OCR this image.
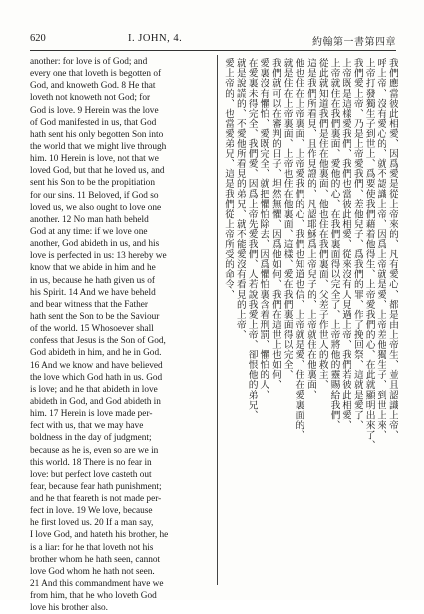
620	I. JOHN, 4.	約翰第一書第四章
another: for love is of God; and
every one that loveth is begotten of
God, and knoweth God. 8 He that
loveth not knoweth not God; for
God is love. 9 Herein was the love
of God manifested in us, that God
hath sent his only begotten Son into
the world that we might live through
him. 10 Herein is love, not that we
loved God, but that he loved us, and
sent his Son to be the propitiation
for our sins. 11 Beloved, if God so
loved us, we also ought to love one
another. 12 No man hath beheld
God at any time: if we love one
another, God abideth in us, and his
love is perfected in us: 13 hereby we
know that we abide in him and he
in us, because he hath given us of
his Spirit. 14 And we have beheld
and bear witness that the Father
hath sent the Son to be the Saviour
of the world. 15 Whosoever shall
confess that Jesus is the Son of God,
God abideth in him, and he in God.
16 And we know and have believed
the love which God hath in us. God
is love; and he that abideth in love
abideth in God, and God abideth in
him. 17 Herein is love made per-
fect with us, that we may have
boldness in the day of judgment;
because as he is, even so are we in
this world. 18 There is no fear in
love: but perfect love casteth out
fear, because fear hath punishment;
and he that feareth is not made per-
fect in love. 19 We love, because
he first loved us. 20 If a man say,
I love God, and hateth his brother, he
is a liar: for he that loveth not his
brother whom he hath seen, cannot
love God whom he hath not seen.
21 And this commandment have we
from him, that he who loveth God
love his brother also.
我們應當彼此相愛、因爲愛是從上帝來的、凡有愛心、都是由上帝生、並且認識上帝、
呼上帝、沒有愛心的、就不認識上帝、因爲上帝就是愛、上帝差他獨生子、到世上來、
上帝打發獨生子到世上、爲要使我們藉着他得生、上帝愛我們的心、在此就顯明出來了、
我們愛上帝、乃是上帝愛我們、差他兒子、爲我們的罪、作了挽回祭、這就是愛了、
上帝既是這樣愛我們、我們也當彼此相愛、從來沒有人見過上帝、我們若彼此相愛、
上帝就住在我們裏面、愛他的心、在我們裏面得以完全了、上帝將他的靈賜給我們、
從此就知道我們是住在他裏面、他也住在我們裏面、父差子作世人的救主、
這是我們所看見、且作見證的、凡認耶穌爲上帝兒子的、上帝就住在他裏面、
他也住在上帝裏面、上帝愛我們的心、我們也知道也信、上帝就是愛、住在愛裏面的、
就是住在上帝裏面、上帝也住在他裏面、這樣、愛在我們裏面得以完全、
我們就可以在審判的日子、坦然無懼、因爲他如何、我們在這世上也如何、
愛裏沒有懼怕、愛既完全、就把懼怕除去、因爲懼怕裏含着刑罰、懼怕的人、
在愛裏未得完全、我們愛、因爲上帝先愛我們、人若說我愛上帝、卻恨他的弟兄、
就是說謊的、不愛他所看見的弟兄、就不能愛沒有看見的上帝、
愛上帝的、也當愛弟兄、這是我們從上帝所受的命令、
